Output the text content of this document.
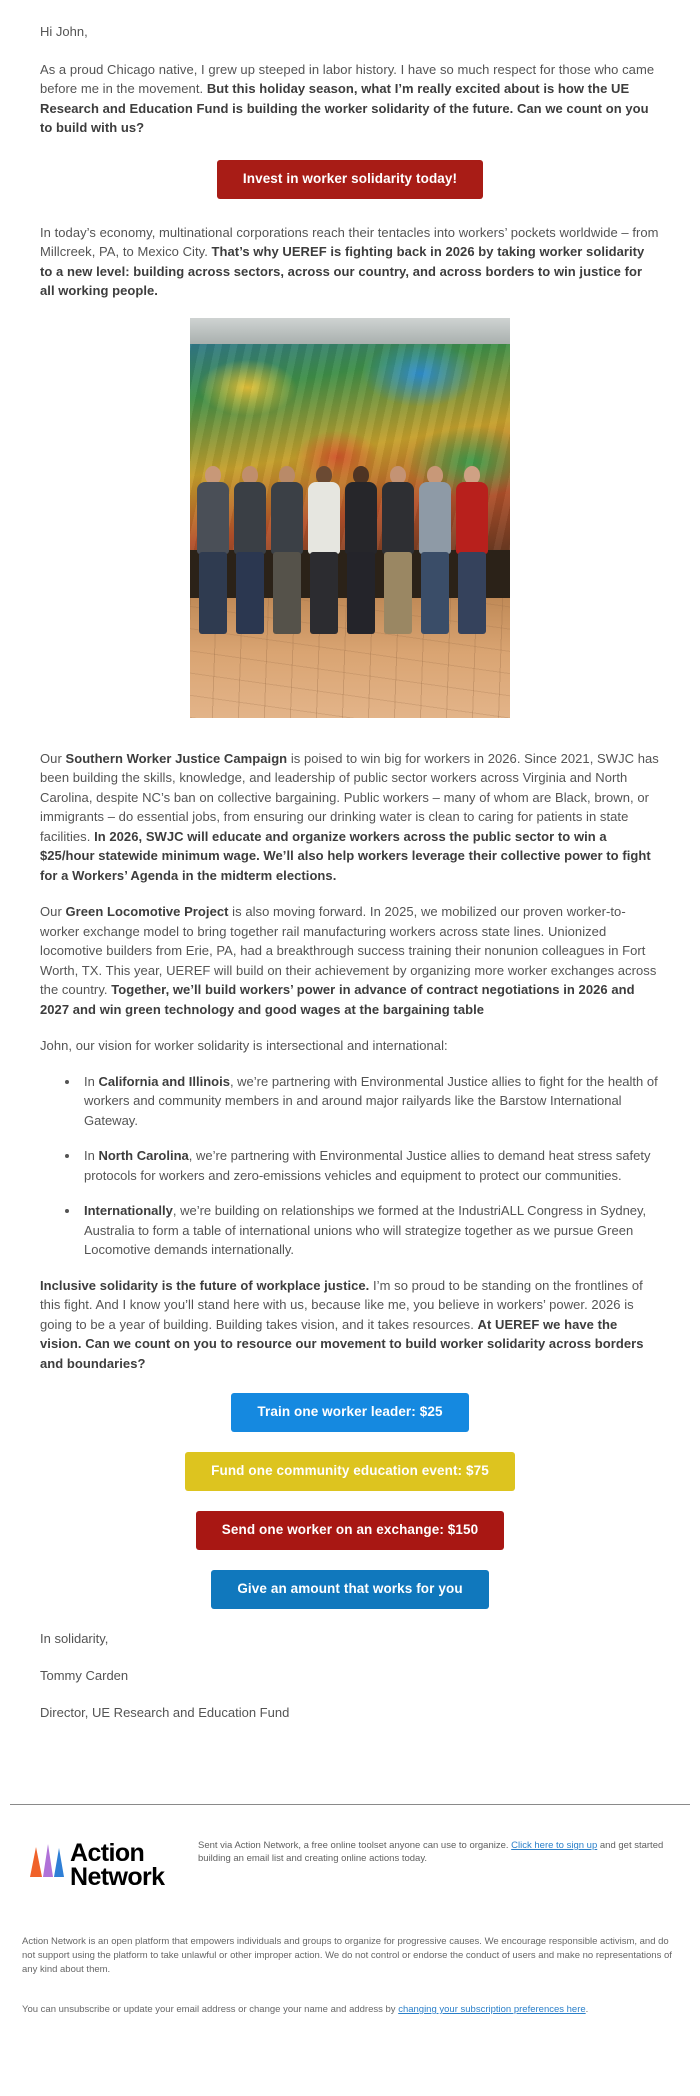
Hi John,

As a proud Chicago native, I grew up steeped in labor history. I have so much respect for those who came before me in the movement. But this holiday season, what I’m really excited about is how the UE Research and Education Fund is building the worker solidarity of the future. Can we count on you to build with us?

Invest in worker solidarity today!

In today’s economy, multinational corporations reach their tentacles into workers’ pockets worldwide – from Millcreek, PA, to Mexico City. That’s why UEREF is fighting back in 2026 by taking worker solidarity to a new level: building across sectors, across our country, and across borders to win justice for all working people.

Our Southern Worker Justice Campaign is poised to win big for workers in 2026. Since 2021, SWJC has been building the skills, knowledge, and leadership of public sector workers across Virginia and North Carolina, despite NC’s ban on collective bargaining. Public workers – many of whom are Black, brown, or immigrants – do essential jobs, from ensuring our drinking water is clean to caring for patients in state facilities. In 2026, SWJC will educate and organize workers across the public sector to win a $25/hour statewide minimum wage. We’ll also help workers leverage their collective power to fight for a Workers’ Agenda in the midterm elections.

Our Green Locomotive Project is also moving forward. In 2025, we mobilized our proven worker-to-worker exchange model to bring together rail manufacturing workers across state lines. Unionized locomotive builders from Erie, PA, had a breakthrough success training their nonunion colleagues in Fort Worth, TX. This year, UEREF will build on their achievement by organizing more worker exchanges across the country. Together, we’ll build workers’ power in advance of contract negotiations in 2026 and 2027 and win green technology and good wages at the bargaining table

John, our vision for worker solidarity is intersectional and international:

• In California and Illinois, we’re partnering with Environmental Justice allies to fight for the health of workers and community members in and around major railyards like the Barstow International Gateway.
• In North Carolina, we’re partnering with Environmental Justice allies to demand heat stress safety protocols for workers and zero-emissions vehicles and equipment to protect our communities.
• Internationally, we’re building on relationships we formed at the IndustriALL Congress in Sydney, Australia to form a table of international unions who will strategize together as we pursue Green Locomotive demands internationally.

Inclusive solidarity is the future of workplace justice. I’m so proud to be standing on the frontlines of this fight. And I know you’ll stand here with us, because like me, you believe in workers’ power. 2026 is going to be a year of building. Building takes vision, and it takes resources. At UEREF we have the vision. Can we count on you to resource our movement to build worker solidarity across borders and boundaries?

Train one worker leader: $25
Fund one community education event: $75
Send one worker on an exchange: $150
Give an amount that works for you

In solidarity,

Tommy Carden

Director, UE Research and Education Fund

Action
Network

Sent via Action Network, a free online toolset anyone can use to organize. Click here to sign up and get started building an email list and creating online actions today.

Action Network is an open platform that empowers individuals and groups to organize for progressive causes. We encourage responsible activism, and do not support using the platform to take unlawful or other improper action. We do not control or endorse the conduct of users and make no representations of any kind about them.

You can unsubscribe or update your email address or change your name and address by changing your subscription preferences here.
